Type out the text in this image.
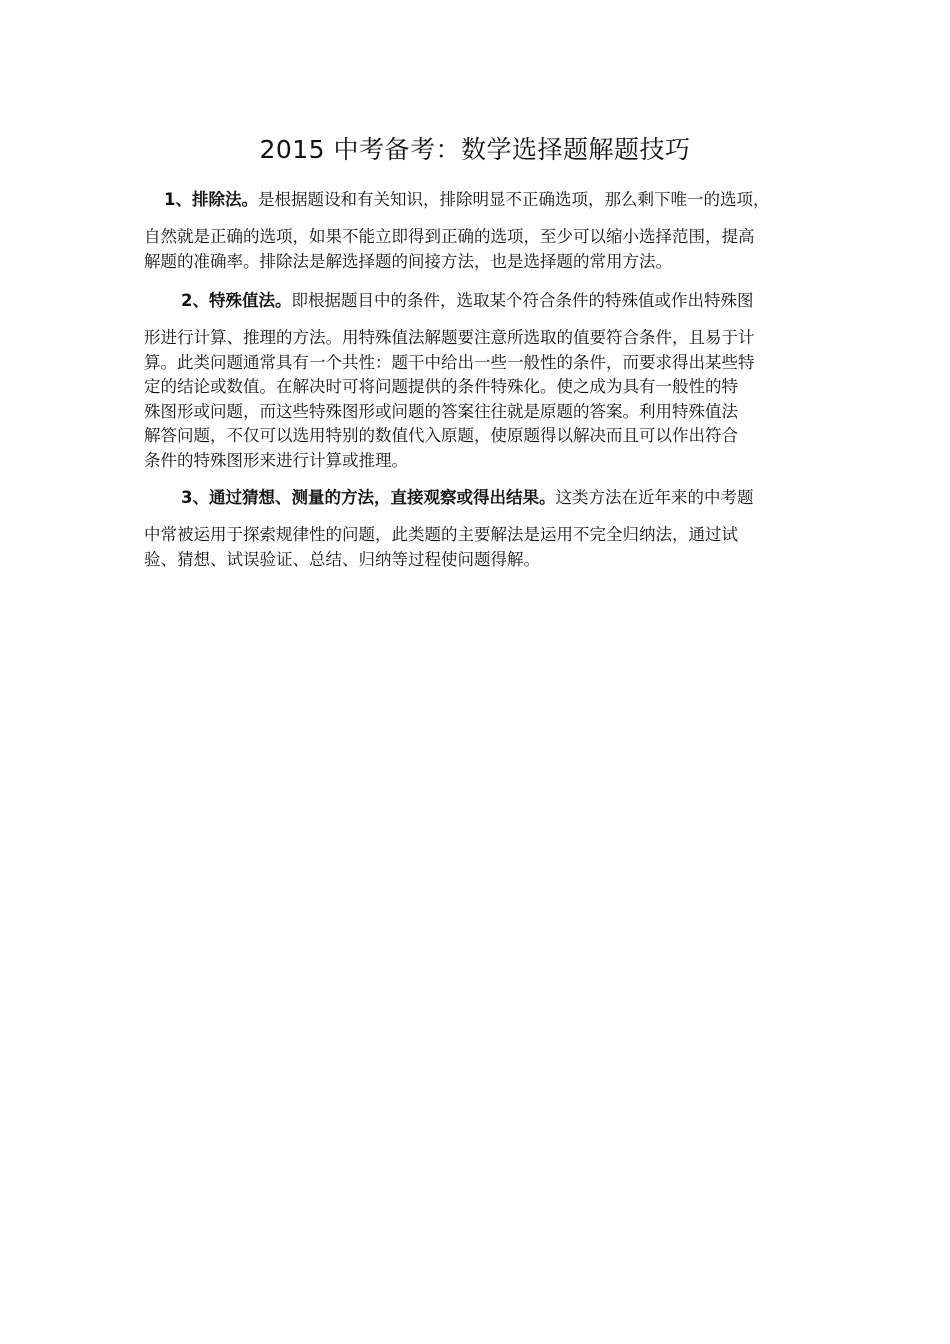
2015 中考备考：数学选择题解题技巧
1、排除法。是根据题设和有关知识，排除明显不正确选项，那么剩下唯一的选项，
自然就是正确的选项，如果不能立即得到正确的选项，至少可以缩小选择范围，提高
解题的准确率。排除法是解选择题的间接方法，也是选择题的常用方法。
2、特殊值法。即根据题目中的条件，选取某个符合条件的特殊值或作出特殊图
形进行计算、推理的方法。用特殊值法解题要注意所选取的值要符合条件，且易于计
算。此类问题通常具有一个共性：题干中给出一些一般性的条件，而要求得出某些特
定的结论或数值。在解决时可将问题提供的条件特殊化。使之成为具有一般性的特
殊图形或问题，而这些特殊图形或问题的答案往往就是原题的答案。利用特殊值法
解答问题，不仅可以选用特别的数值代入原题，使原题得以解决而且可以作出符合
条件的特殊图形来进行计算或推理。
3、通过猜想、测量的方法，直接观察或得出结果。这类方法在近年来的中考题
中常被运用于探索规律性的问题，此类题的主要解法是运用不完全归纳法，通过试
验、猜想、试误验证、总结、归纳等过程使问题得解。
